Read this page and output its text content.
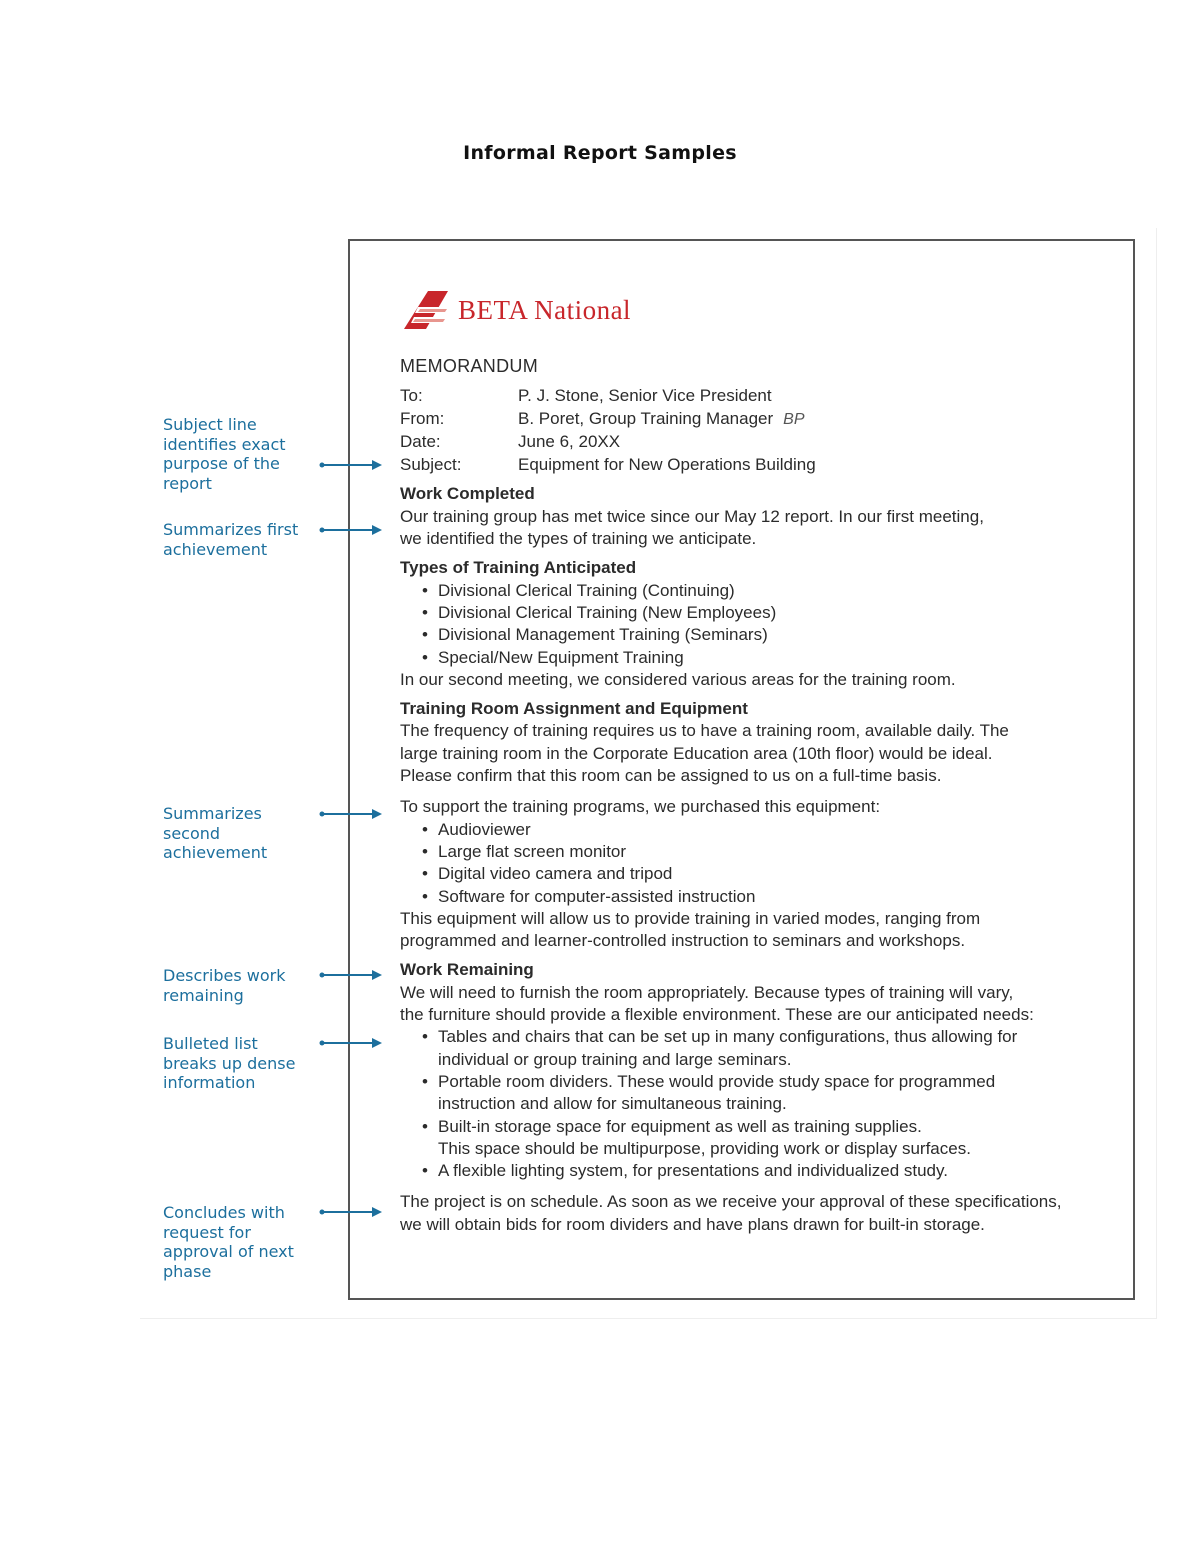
Informal Report Samples
BETA National
MEMORANDUM
To:	P. J. Stone, Senior Vice President
From:	B. Poret, Group Training Manager BP
Date:	June 6, 20XX
Subject:	Equipment for New Operations Building
Work Completed
Our training group has met twice since our May 12 report. In our first meeting,
we identified the types of training we anticipate.
Types of Training Anticipated
• Divisional Clerical Training (Continuing)
• Divisional Clerical Training (New Employees)
• Divisional Management Training (Seminars)
• Special/New Equipment Training
In our second meeting, we considered various areas for the training room.
Training Room Assignment and Equipment
The frequency of training requires us to have a training room, available daily. The
large training room in the Corporate Education area (10th floor) would be ideal.
Please confirm that this room can be assigned to us on a full-time basis.
To support the training programs, we purchased this equipment:
• Audioviewer
• Large flat screen monitor
• Digital video camera and tripod
• Software for computer-assisted instruction
This equipment will allow us to provide training in varied modes, ranging from
programmed and learner-controlled instruction to seminars and workshops.
Work Remaining
We will need to furnish the room appropriately. Because types of training will vary,
the furniture should provide a flexible environment. These are our anticipated needs:
• Tables and chairs that can be set up in many configurations, thus allowing for
individual or group training and large seminars.
• Portable room dividers. These would provide study space for programmed
instruction and allow for simultaneous training.
• Built-in storage space for equipment as well as training supplies.
This space should be multipurpose, providing work or display surfaces.
• A flexible lighting system, for presentations and individualized study.
The project is on schedule. As soon as we receive your approval of these specifications,
we will obtain bids for room dividers and have plans drawn for built-in storage.
Subject line identifies exact purpose of the report
Summarizes first achievement
Summarizes second achievement
Describes work remaining
Bulleted list breaks up dense information
Concludes with request for approval of next phase
